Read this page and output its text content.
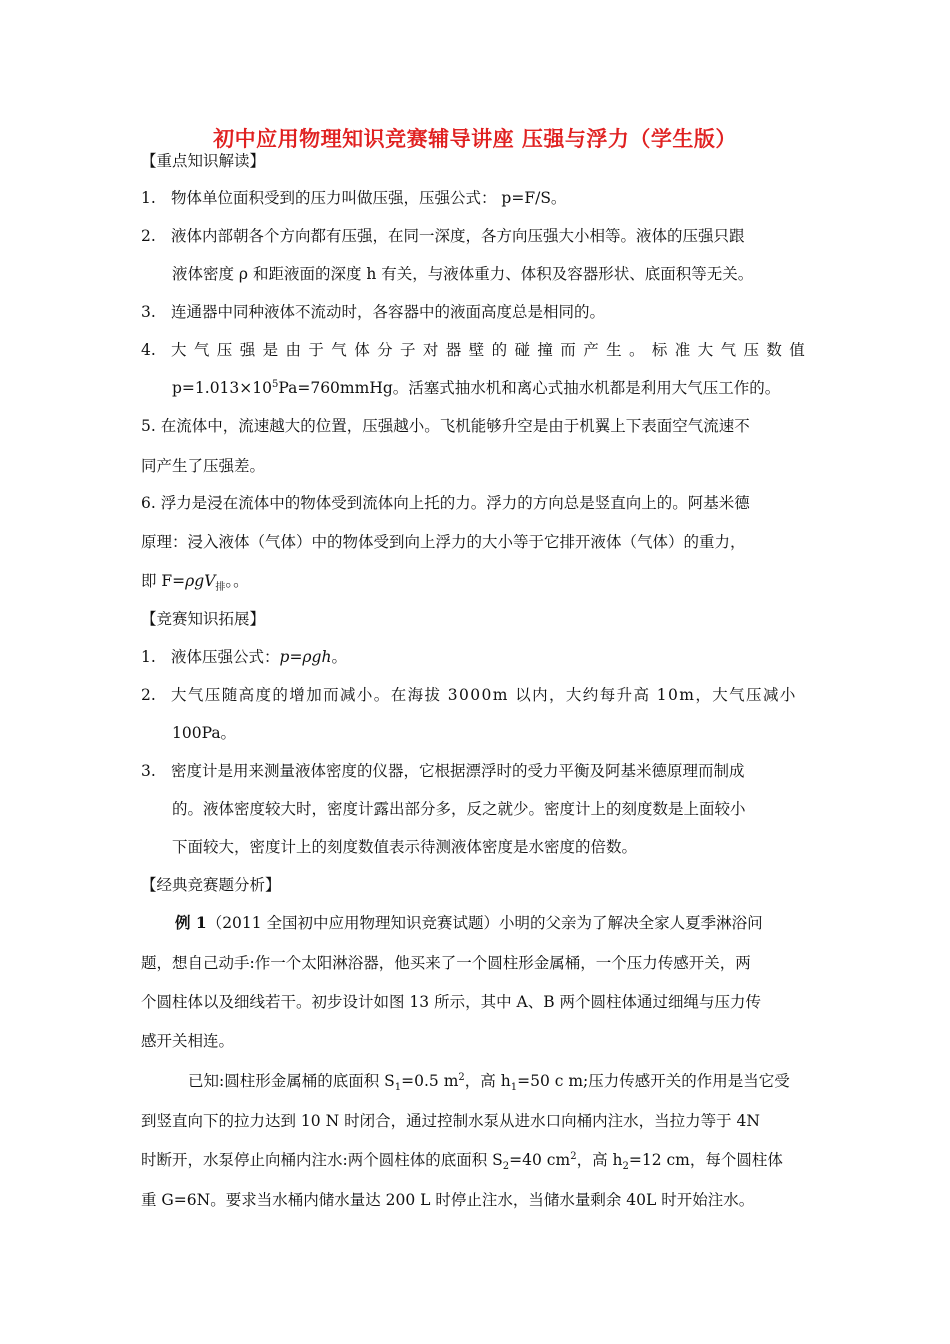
初中应用物理知识竞赛辅导讲座 压强与浮力（学生版）
【重点知识解读】
1. 物体单位面积受到的压力叫做压强，压强公式： p=F/S。
2. 液体内部朝各个方向都有压强，在同一深度，各方向压强大小相等。液体的压强只跟
液体密度 ρ 和距液面的深度 h 有关，与液体重力、体积及容器形状、底面积等无关。
3. 连通器中同种液体不流动时，各容器中的液面高度总是相同的。
4. 大气压强是由于气体分子对器壁的碰撞而产生。标准大气压数值
$p=1.013\times 10^5Pa=760mmHg$。活塞式抽水机和离心式抽水机都是利用大气压工作的。
5. 在流体中，流速越大的位置，压强越小。飞机能够升空是由于机翼上下表面空气流速不
同产生了压强差。
6. 浮力是浸在流体中的物体受到流体向上托的力。浮力的方向总是竖直向上的。阿基米德
原理：浸入液体（气体）中的物体受到向上浮力的大小等于它排开液体（气体）的重力，
即 F=ρgV$_排$。。
【竞赛知识拓展】
1. 液体压强公式：p=ρgh。
2. 大气压随高度的增加而减小。在海拔 3000m 以内，大约每升高 10m，大气压减小
100Pa。
3. 密度计是用来测量液体密度的仪器，它根据漂浮时的受力平衡及阿基米德原理而制成
的。液体密度较大时，密度计露出部分多，反之就少。密度计上的刻度数是上面较小
下面较大，密度计上的刻度数值表示待测液体密度是水密度的倍数。
【经典竞赛题分析】
例 1（2011 全国初中应用物理知识竞赛试题）小明的父亲为了解决全家人夏季淋浴问
题，想自己动手:作一个太阳淋浴器，他买来了一个圆柱形金属桶，一个压力传感开关，两
个圆柱体以及细线若干。初步设计如图 13 所示，其中 A、B 两个圆柱体通过细绳与压力传
感开关相连。
已知:圆柱形金属桶的底面积 $S_1=0.5$ $m^2$，高 $h_1=50$ c m;压力传感开关的作用是当它受
到竖直向下的拉力达到 10 N 时闭合，通过控制水泵从进水口向桶内注水，当拉力等于 4N
时断开，水泵停止向桶内注水:两个圆柱体的底面积 $S_2=40$ $cm^2$，高 $h_2=12$ cm，每个圆柱体
重 G=6N。要求当水桶内储水量达 200 L 时停止注水，当储水量剩余 40L 时开始注水。
